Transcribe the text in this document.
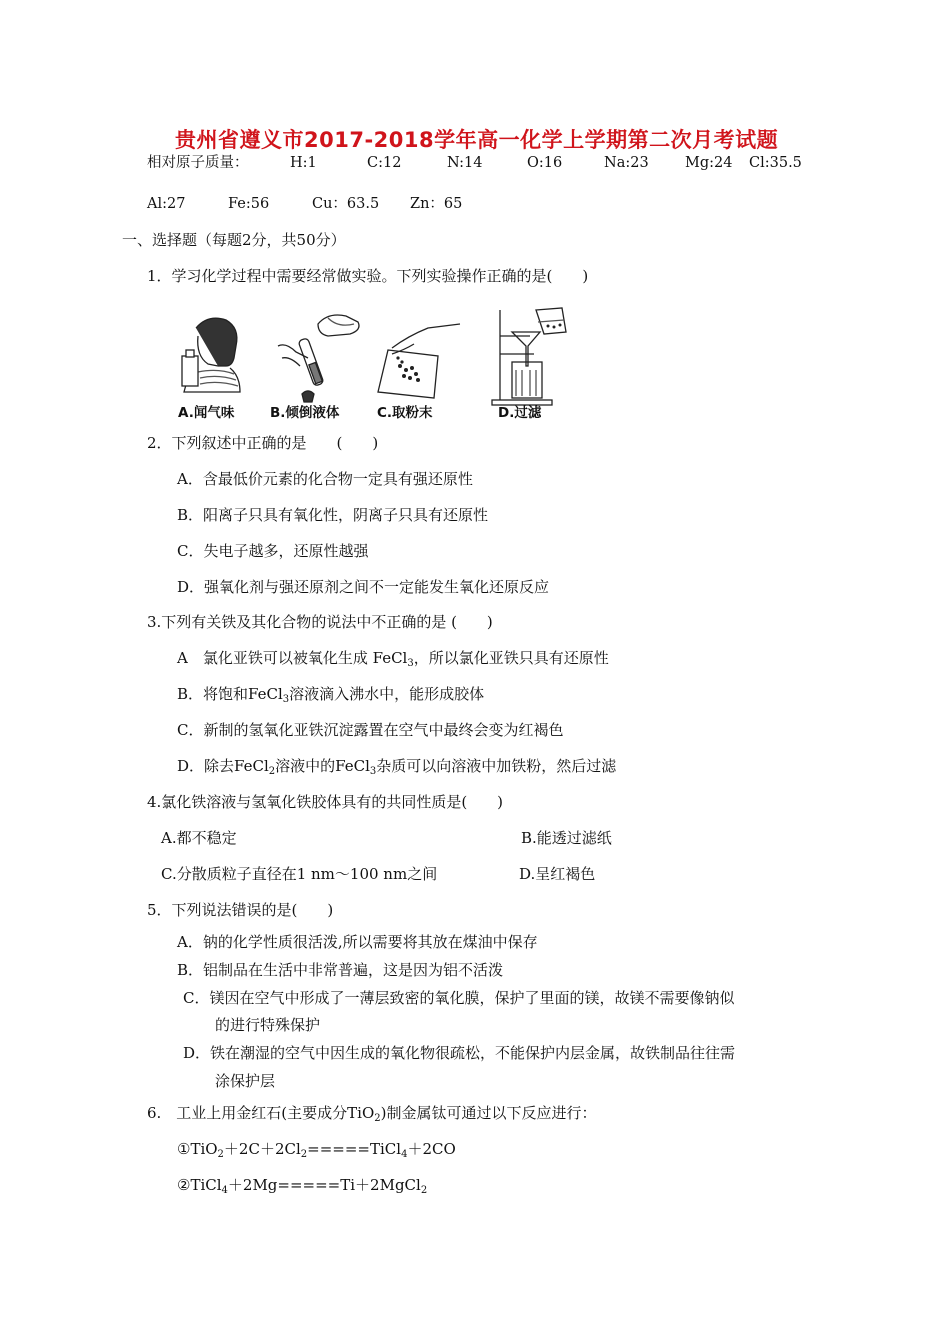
贵州省遵义市2017-2018学年高一化学上学期第二次月考试题
相对原子质量：	H:1	C:12	N:14	O:16	Na:23	Mg:24 Cl:35.5
Al:27	Fe:56	Cu：63.5 Zn：65
一、选择题（每题2分，共50分）
1．学习化学过程中需要经常做实验。下列实验操作正确的是(　　)
A.闻气味	B.倾倒液体	C.取粉末	D.过滤
2．下列叙述中正确的是　　(　　)
A．含最低价元素的化合物一定具有强还原性
B．阳离子只具有氧化性，阴离子只具有还原性
C．失电子越多，还原性越强
D．强氧化剂与强还原剂之间不一定能发生氧化还原反应
3.下列有关铁及其化合物的说法中不正确的是 (　　)
A　氯化亚铁可以被氧化生成 FeCl$_3$，所以氯化亚铁只具有还原性
B．将饱和FeCl$_3$溶液滴入沸水中，能形成胶体
C．新制的氢氧化亚铁沉淀露置在空气中最终会变为红褐色
D．除去FeCl$_2$溶液中的FeCl$_3$杂质可以向溶液中加铁粉，然后过滤
4.氯化铁溶液与氢氧化铁胶体具有的共同性质是(　　)
A.都不稳定	B.能透过滤纸
C.分散质粒子直径在1 nm～100 nm之间	D.呈红褐色
5．下列说法错误的是(　　)
A．钠的化学性质很活泼,所以需要将其放在煤油中保存
B．铝制品在生活中非常普遍，这是因为铝不活泼
C．镁因在空气中形成了一薄层致密的氧化膜，保护了里面的镁，故镁不需要像钠似
的进行特殊保护
D．铁在潮湿的空气中因生成的氧化物很疏松，不能保护内层金属，故铁制品往往需
涂保护层
6.　工业上用金红石(主要成分TiO$_2$)制金属钛可通过以下反应进行：
$①TiO_2+2C+2Cl_2=====TiCl_4+2CO$
②TiCl$_4$＋2Mg=====Ti＋2MgCl$_2$
